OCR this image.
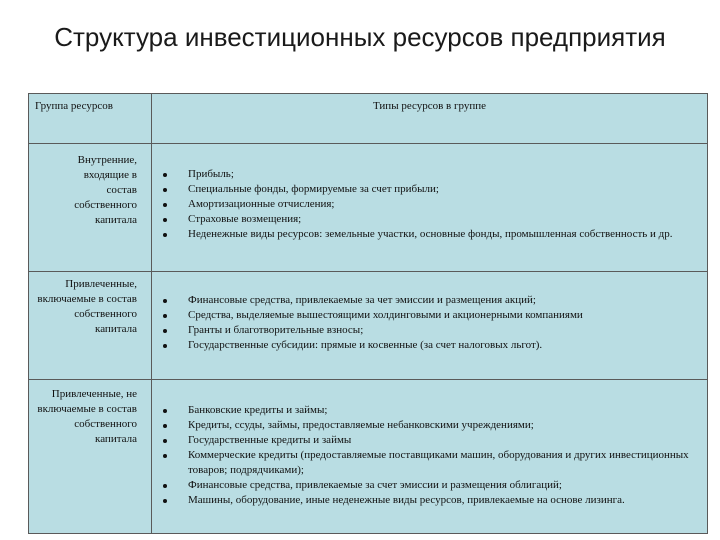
Структура инвестиционных ресурсов предприятия
Группа ресурсов	Типы ресурсов в группе
Внутренние, входящие в состав собственного капитала
Прибыль;
Специальные фонды, формируемые за счет прибыли;
Амортизационные отчисления;
Страховые возмещения;
Неденежные виды ресурсов: земельные участки, основные фонды, промышленная собственность и др.
Привлеченные, включаемые в состав собственного капитала
Финансовые средства, привлекаемые за чет эмиссии и размещения акций;
Средства, выделяемые вышестоящими холдинговыми и акционерными компаниями
Гранты и благотворительные взносы;
Государственные субсидии: прямые и косвенные (за счет налоговых льгот).
Привлеченные, не включаемые в состав собственного капитала
Банковские кредиты и займы;
Кредиты, ссуды, займы, предоставляемые небанковскими учреждениями;
Государственные кредиты и займы
Коммерческие кредиты (предоставляемые поставщиками машин, оборудования и других инвестиционных товаров; подрядчиками);
Финансовые средства, привлекаемые за счет эмиссии и размещения облигаций;
Машины, оборудование, иные неденежные виды ресурсов, привлекаемые на основе лизинга.
